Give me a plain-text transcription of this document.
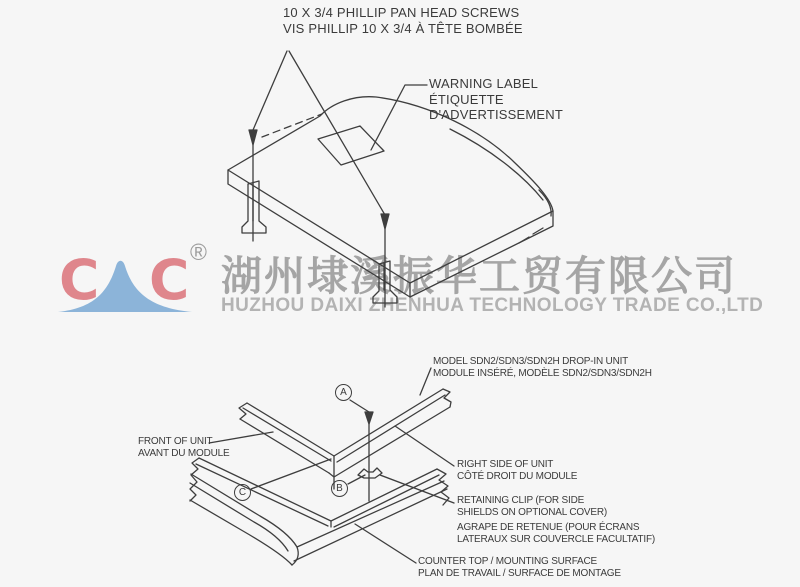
C C ®
湖州埭溪振华工贸有限公司
HUZHOU DAIXI ZHENHUA TECHNOLOGY TRADE CO.,LTD
10 X 3/4 PHILLIP PAN HEAD SCREWS
VIS PHILLIP 10 X 3/4 À TÊTE BOMBÉE
WARNING LABEL
ÉTIQUETTE
D'ADVERTISSEMENT
MODEL SDN2/SDN3/SDN2H DROP-IN UNIT
MODULE INSÉRÉ, MODÈLE SDN2/SDN3/SDN2H
FRONT OF UNIT
AVANT DU MODULE
RIGHT SIDE OF UNIT
CÔTÉ DROIT DU MODULE
RETAINING CLIP (FOR SIDE
SHIELDS ON OPTIONAL COVER)
AGRAPE DE RETENUE (POUR ÉCRANS
LATERAUX SUR COUVERCLE FACULTATIF)
COUNTER TOP / MOUNTING SURFACE
PLAN DE TRAVAIL / SURFACE DE MONTAGE
A
B
C
